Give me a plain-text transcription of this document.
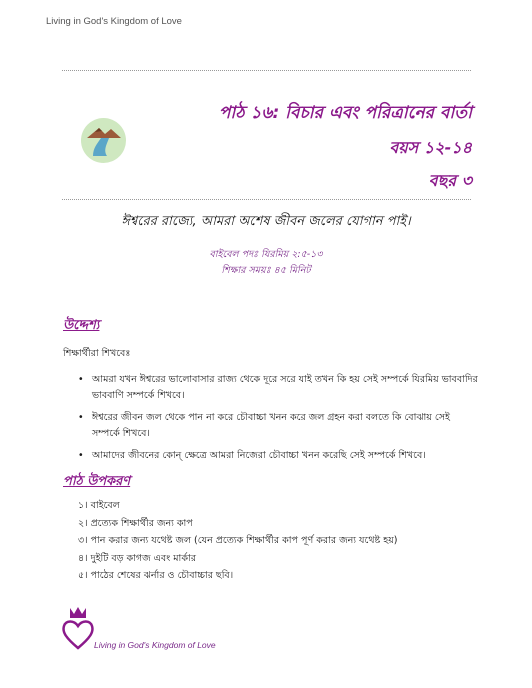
Living in God's Kingdom of Love
পাঠ ১৬: বিচার এবং পরিত্রানের বার্তা
বয়স ১২-১৪
বছর ৩
ঈশ্বরের রাজ্যে, আমরা অশেষ জীবন জলের যোগান পাই।
বাইবেল পদঃ যিরমিয় ২:৫-১৩
শিক্ষার সময়ঃ ৪৫ মিনিট
উদ্দেশ্য
শিক্ষার্থীরা শিখবেঃ
• আমরা যখন ঈশ্বরের ভালোবাসার রাজ্য থেকে দূরে সরে যাই তখন কি হয় সেই সম্পর্কে যিরমিয় ভাববাদির ভাববাণি সম্পর্কে শিখবে।
• ঈশ্বরের জীবন জল থেকে পান না করে চৌবাচ্চা খনন করে জল গ্রহন করা বলতে কি বোঝায় সেই সম্পর্কে শিখবে।
• আমাদের জীবনের কোন্ ক্ষেত্রে আমরা নিজেরা চৌবাচ্চা খনন করেছি সেই সম্পর্কে শিখবে।
পাঠ উপকরণ
১। বাইবেল
২। প্রত্যেক শিক্ষার্থীর জন্য কাপ
৩। পান করার জন্য যথেষ্ট জল (যেন প্রত্যেক শিক্ষার্থীর কাপ পূর্ণ করার জন্য যথেষ্ট হয়)
৪। দুইটি বড় কাগজ এবং মার্কার
৫। পাঠের শেষের ঝর্নার ও চৌবাচ্চার ছবি।
Living in God's Kingdom of Love
